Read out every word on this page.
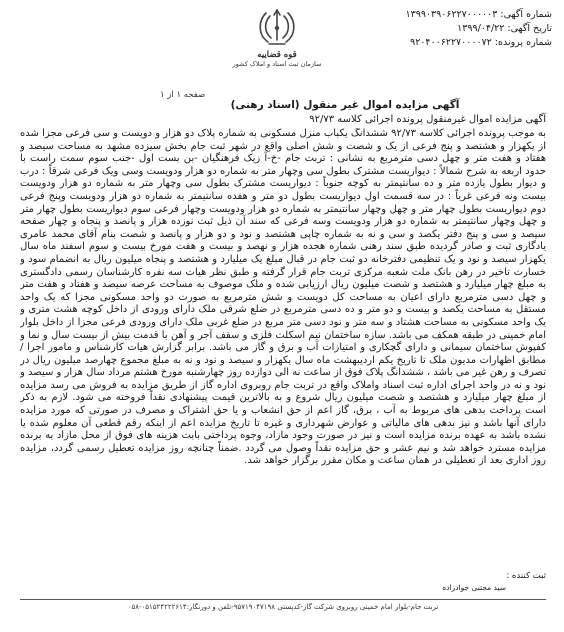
شماره آگهی: ۱۳۹۹۰۳۹۰۶۲۲۷۰۰۰۰۰۳
تاریخ آگهی: ۱۳۹۹/۰۴/۲۲
شماره پرونده: ۹۲۰۴۰۰۶۲۲۷۰۰۰۰۷۲
قوه قضاییه
سازمان ثبت اسناد و املاک کشور
صفحه ۱ از ۱
آگهی مزایده اموال غیر منقول (اسناد رهنی)
آگهی مزایده اموال غیرمنقول پرونده اجرائی کلاسه ۹۲/۷۳
به موجب پرونده اجرائی کلاسه ۹۲/۷۳ ششدانگ یکباب منزل مسکونی به شماره پلاک دو هزار و دویست و سی فرعی مجزا شده از یکهزار و هشتصد و پنج فرعی از یک و شصت و شش اصلی واقع در شهر ثبت جام بخش سیزده مشهد به مساحت سیصد و هفتاد و هفت متر و چهل دسی مترمربع به نشانی : تربت جام -خ-آ زیک فرهنگیان -بن بست اول -جنب سوم سمت راست با حدود اربعه به شرح شمالاً : دیواریست مشترک بطول سی وچهار متر به شماره دو هزار ودویست وسی ویک فرعی شرقاً : درب و دیوار بطول یازده متر و ده سانتیمتر به کوچه جنوباً : دیواریست مشترک بطول سی وچهار متر به شماره دو هزار ودویست بیست ونه فرعی غرباً : در سه قسمت اول دیواریست بطول دو متر و هفده سانتیمتر به شماره دو هزار ودویست وپنج فرعی دوم دیواریست بطول چهار متر و چهل وچهار سانتیمتر به شماره دو هزار ودویست وچهار فرعی سوم دیواریست بطول چهار متر و چهل وچهار سانتیمتر به شماره دو هزار ودویست وسه فرعی که سند آن ذیل ثبت نوزده هزار و پانصد و پنجاه و چهار صفحه سیصد و سی و پنج دفتر یکصد و سی و نه به شماره چاپی هشتصد و نود و دو هزار و پانصد و شصت بنام آقای محمد عامری یادگاری ثبت و صادر گردیده طبق سند رهنی شماره هجده هزار و نهصد و بیست و هفت مورخ بیست و سوم اسفند ماه سال یکهزار سیصد و نود و یک تنظیمی دفترخانه دو ثبت جام در قبال مبلغ یک میلیارد و هشتصد و پنجاه میلیون ریال به انضمام سود و خسارت تاخیر در رهن بانک ملت شعبه مرکزی تربت جام قرار گرفته و طبق نظر هیات سه نفره کارشناسان رسمی دادگستری به مبلغ چهار میلیارد و هشتصد و شصت میلیون ریال ارزیابی شده و ملک موصوف به مساحت عرصه سیصد و هفتاد و هفت متر و چهل دسی مترمربع دارای اعیان به مساحت کل دویست و شش مترمربع به صورت دو واحد مسکونی مجزا که یک واحد مستقل به مساحت یکصد و بیست و دو متر و ده دسی مترمربع در ضلع شرقی ملک دارای ورودی از داخل کوچه هشت متری و یک واحد مسکونی به مساحت هشتاد و سه متر و نود دسی متر مربع در ضلع غربی ملک دارای ورودی فرعی مجزا از داخل بلوار امام خمینی در طبقه همکف می باشد. سازه ساختمان نیم اسکلت فلزی و سقف آجر و آهن با قدمت بیش از بیست سال و نما و کفپوش ساختمان سیمانی و دارای گچکاری و امتیازات آب و برق و گاز می باشد. برابر گزارش هیات کارشناس و مامور اجرا /مطابق اظهارات مدیون ملک تا تاریخ یکم اردیبهشت ماه سال یکهزار و سیصد و نود و نه به مبلغ مجموع چهارصد میلیون ریال در تصرف و رهن غیر می باشد ، ششدانگ پلاک فوق از ساعت نه الی دوازده روز چهارشنبه مورخ هشتم مرداد سال هزار و سیصد و نود و نه در واحد اجرای اداره ثبت اسناد واملاک واقع در تربت جام روبروی اداره گاز از طریق مزایده به فروش می رسد مزایده از مبلغ چهار میلیارد و هشتصد و شصت میلیون ریال شروع و به بالاترین قیمت پیشنهادی نقداً فروخته می شود. لازم به ذکر است پرداخت بدهی های مربوط به آب ، برق، گاز اعم از حق انشعاب و یا حق اشتراک و مصرف در صورتی که مورد مزایده دارای آنها باشد و نیز بدهی های مالیاتی و عوارض شهرداری و غیره تا تاریخ مزایده اعم از اینکه رقم قطعی آن معلوم شده یا نشده باشد به عهده برنده مزایده است و نیز در صورت وجود مازاد، وجوه پرداختی بابت هزینه های فوق از محل مازاد به برنده مزایده مسترد خواهد شد و نیم عشر و حق مزایده نقداً وصول می گردد .ضمناً چنانچه روز مزایده تعطیل رسمی گردد، مزایده روز اداری بعد از تعطیلی در همان ساعت و مکان مقرر برگزار خواهد شد.
ثبت کننده :
سید مجتبی جوادزاده
تربت جام-بلوار امام خمینی روبروی شرکت گاز-کدپستی ۹۵۷۱۹۰۴۷۱۹۸-تلفن و دورنگار:۰۵۱۵۲۴۲۲۲۶۱۴-۰۵۸
